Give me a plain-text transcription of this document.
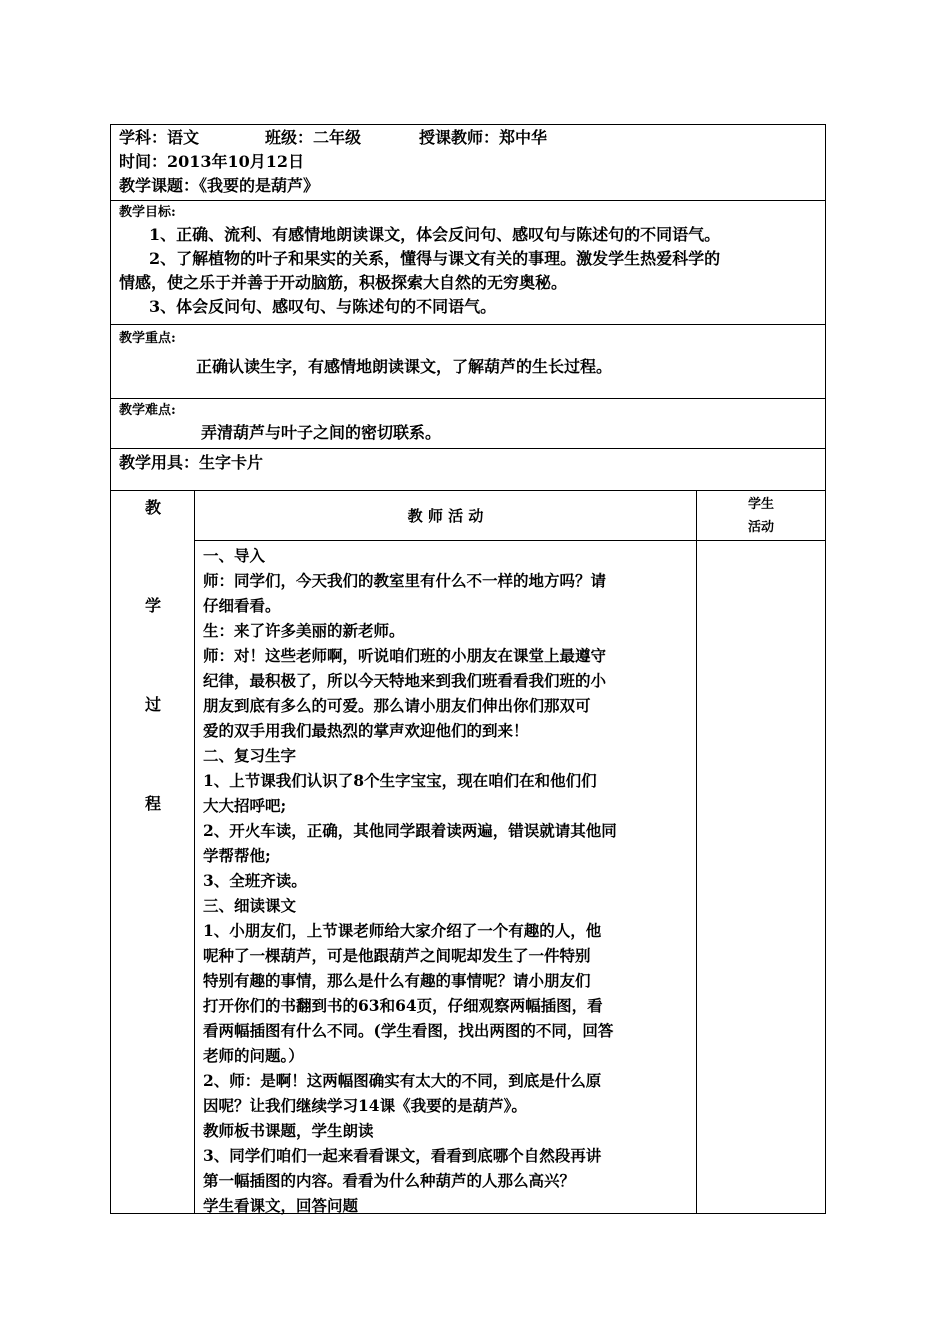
学科：语文	班级：二年级	授课教师：郑中华
时间：2013年10月12日
教学课题：《我要的是葫芦》
教学目标:
1、正确、流利、有感情地朗读课文，体会反问句、感叹句与陈述句的不同语气。
2、了解植物的叶子和果实的关系，懂得与课文有关的事理。激发学生热爱科学的
情感，使之乐于并善于开动脑筋，积极探索大自然的无穷奥秘。
3、体会反问句、感叹句、与陈述句的不同语气。
教学重点:
正确认读生字，有感情地朗读课文，了解葫芦的生长过程。
教学难点:
弄清葫芦与叶子之间的密切联系。
教学用具：生字卡片
教
学
过
程
教 师 活 动
一、导入
师：同学们，今天我们的教室里有什么不一样的地方吗？请
仔细看看。
生：来了许多美丽的新老师。
师：对！这些老师啊，听说咱们班的小朋友在课堂上最遵守
纪律，最积极了，所以今天特地来到我们班看看我们班的小
朋友到底有多么的可爱。那么请小朋友们伸出你们那双可
爱的双手用我们最热烈的掌声欢迎他们的到来！
二、复习生字
1、上节课我们认识了8个生字宝宝，现在咱们在和他们们
大大招呼吧;
2、开火车读，正确，其他同学跟着读两遍，错误就请其他同
学帮帮他;
3、全班齐读。
三、细读课文
1、小朋友们，上节课老师给大家介绍了一个有趣的人，他
呢种了一棵葫芦，可是他跟葫芦之间呢却发生了一件特别
特别有趣的事情，那么是什么有趣的事情呢？请小朋友们
打开你们的书翻到书的63和64页，仔细观察两幅插图，看
看两幅插图有什么不同。(学生看图，找出两图的不同，回答
老师的问题。）
2、师：是啊！这两幅图确实有太大的不同，到底是什么原
因呢？让我们继续学习14课《我要的是葫芦》。
教师板书课题，学生朗读
3、同学们咱们一起来看看课文，看看到底哪个自然段再讲
第一幅插图的内容。看看为什么种葫芦的人那么高兴？
学生看课文，回答问题
学生
活动
